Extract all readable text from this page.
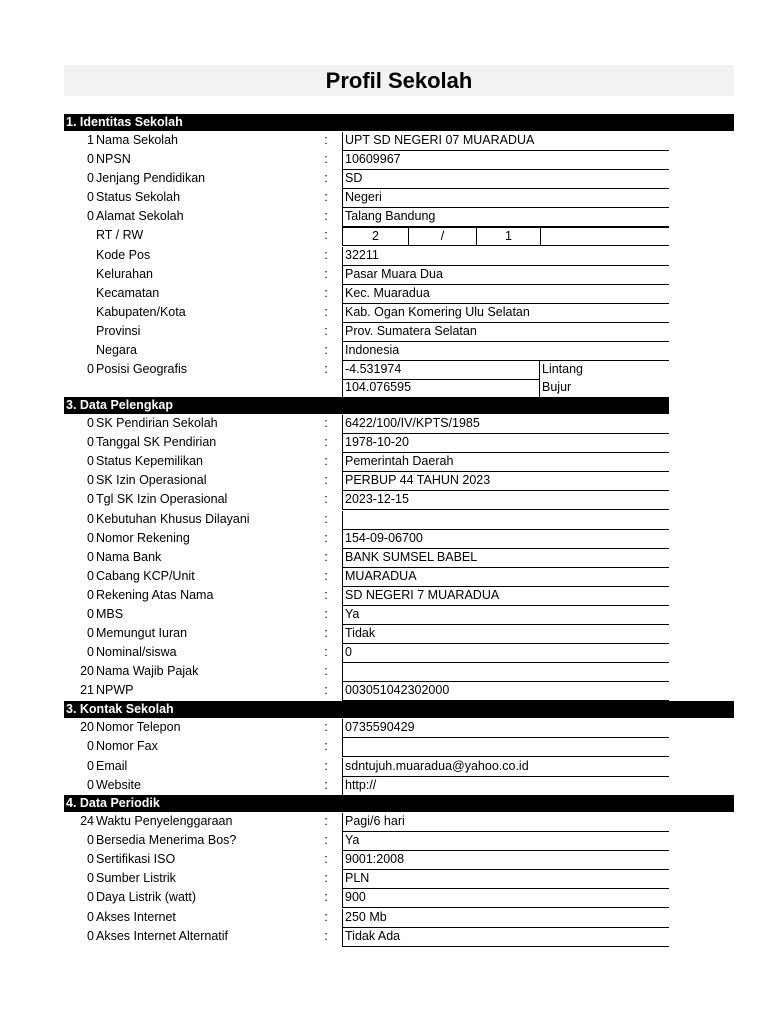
Profil Sekolah
1. Identitas Sekolah
3. Data Pelengkap
3. Kontak Sekolah
4. Data Periodik
1 Nama Sekolah	: UPT SD NEGERI 07 MUARADUA
0 NPSN	: 10609967
0 Jenjang Pendidikan	: SD
0 Status Sekolah	: Negeri
0 Alamat Sekolah	: Talang Bandung
RT / RW	:	2	/	1
Kode Pos	: 32211
Kelurahan	: Pasar Muara Dua
Kecamatan	: Kec. Muaradua
Kabupaten/Kota	: Kab. Ogan Komering Ulu Selatan
Provinsi	: Prov. Sumatera Selatan
Negara	: Indonesia
0 Posisi Geografis	: -4.531974	Lintang
104.076595	Bujur
0 SK Pendirian Sekolah	: 6422/100/IV/KPTS/1985
0 Tanggal SK Pendirian	: 1978-10-20
0 Status Kepemilikan	: Pemerintah Daerah
0 SK Izin Operasional	: PERBUP 44 TAHUN 2023
0 Tgl SK Izin Operasional	: 2023-12-15
0 Kebutuhan Khusus Dilayani	:
0 Nomor Rekening	: 154-09-06700
0 Nama Bank	: BANK SUMSEL BABEL
0 Cabang KCP/Unit	: MUARADUA
0 Rekening Atas Nama	: SD NEGERI 7 MUARADUA
0 MBS	: Ya
0 Memungut Iuran	: Tidak
0 Nominal/siswa	: 0
20 Nama Wajib Pajak	:
21 NPWP	: 003051042302000
20 Nomor Telepon	: 0735590429
0 Nomor Fax	:
0 Email	: sdntujuh.muaradua@yahoo.co.id
0 Website	: http://
24 Waktu Penyelenggaraan	: Pagi/6 hari
0 Bersedia Menerima Bos?	: Ya
0 Sertifikasi ISO	: 9001:2008
0 Sumber Listrik	: PLN
0 Daya Listrik (watt)	: 900
0 Akses Internet	: 250 Mb
0 Akses Internet Alternatif	: Tidak Ada
